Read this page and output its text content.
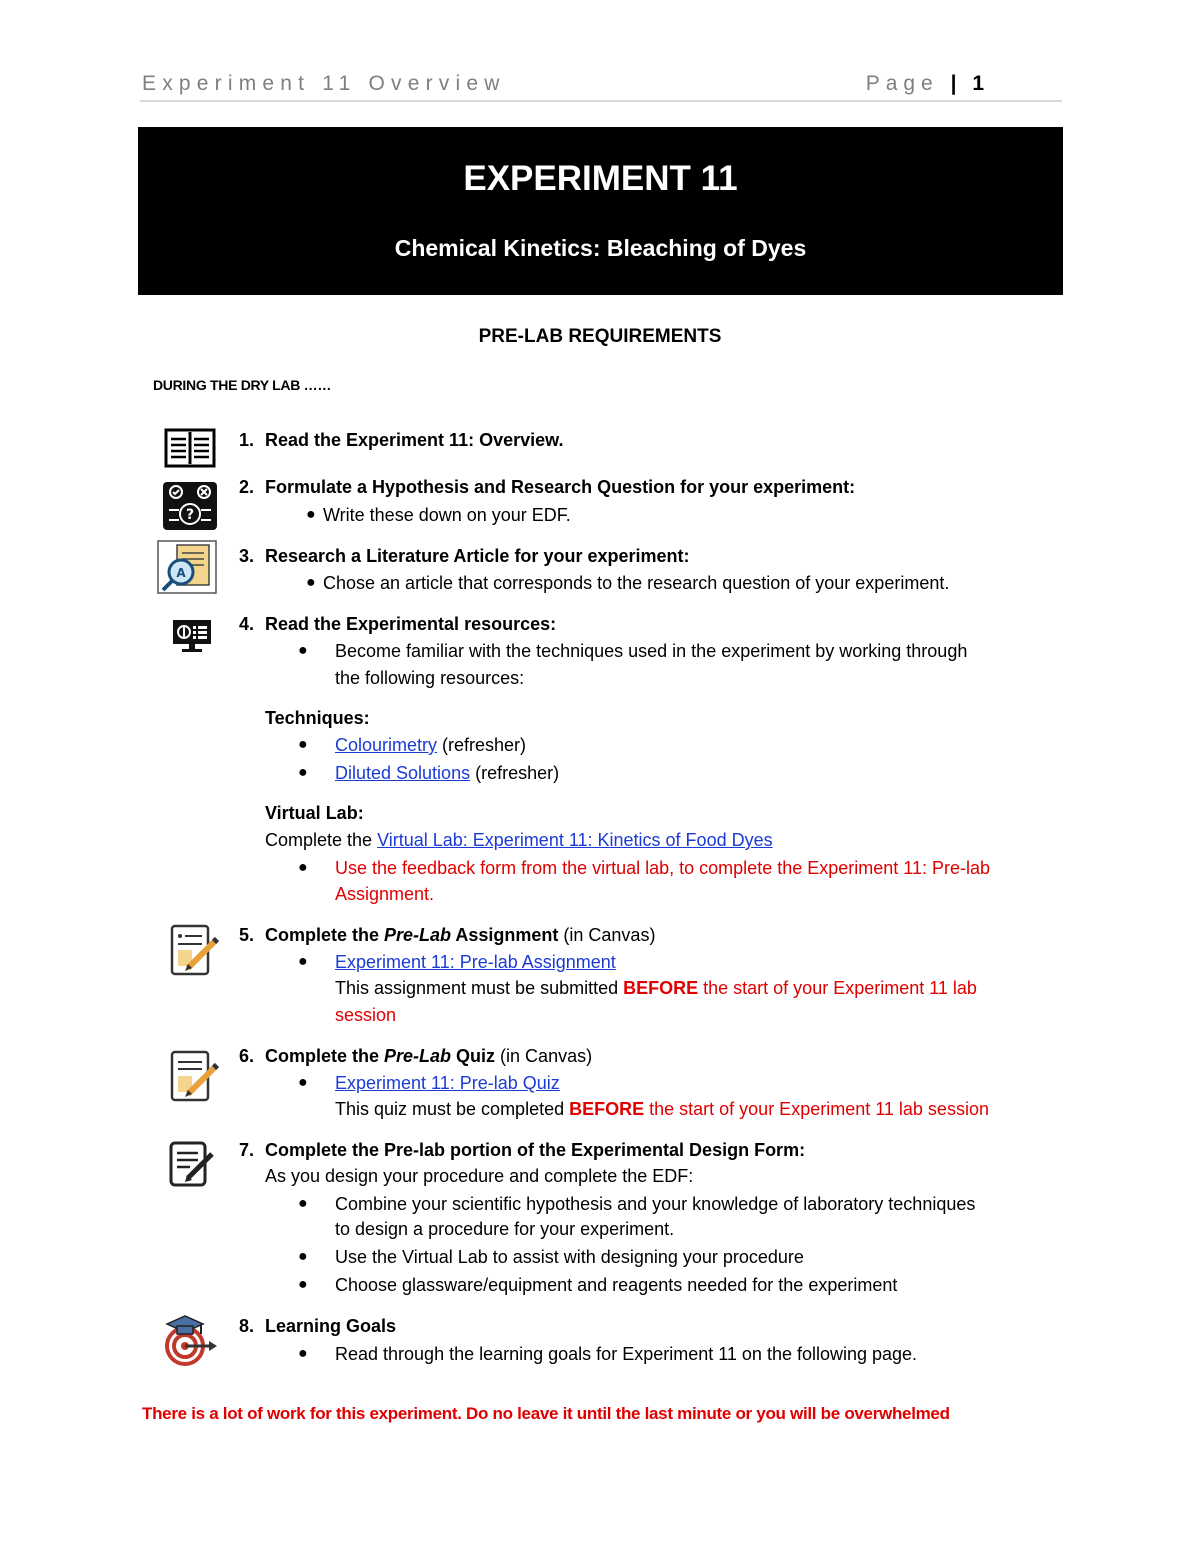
Experiment 11 Overview	Page | 1
EXPERIMENT 11
Chemical Kinetics: Bleaching of Dyes
PRE-LAB REQUIREMENTS
DURING THE DRY LAB ……
1. Read the Experiment 11: Overview.
?
2. Formulate a Hypothesis and Research Question for your experiment:
● Write these down on your EDF.
A
3. Research a Literature Article for your experiment:
● Chose an article that corresponds to the research question of your experiment.
4. Read the Experimental resources:
● Become familiar with the techniques used in the experiment by working through
the following resources:
Techniques:
● Colourimetry (refresher)
● Diluted Solutions (refresher)
Virtual Lab:
Complete the Virtual Lab: Experiment 11: Kinetics of Food Dyes
● Use the feedback form from the virtual lab, to complete the Experiment 11: Pre-lab
Assignment.
5. Complete the Pre-Lab Assignment (in Canvas)
● Experiment 11: Pre-lab Assignment
This assignment must be submitted BEFORE the start of your Experiment 11 lab
session
6. Complete the Pre-Lab Quiz (in Canvas)
● Experiment 11: Pre-lab Quiz
This quiz must be completed BEFORE the start of your Experiment 11 lab session
7. Complete the Pre-lab portion of the Experimental Design Form:
As you design your procedure and complete the EDF:
● Combine your scientific hypothesis and your knowledge of laboratory techniques
to design a procedure for your experiment.
● Use the Virtual Lab to assist with designing your procedure
● Choose glassware/equipment and reagents needed for the experiment
8. Learning Goals
● Read through the learning goals for Experiment 11 on the following page.
There is a lot of work for this experiment. Do no leave it until the last minute or you will be overwhelmed
